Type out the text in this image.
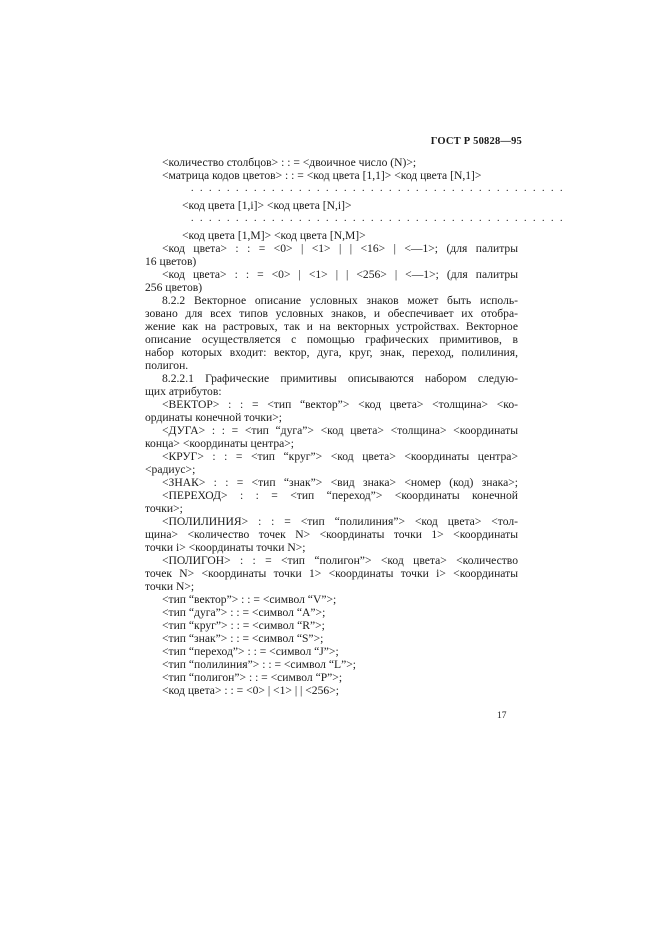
ГОСТ Р 50828—95
<количество столбцов> : : = <двоичное число (N)>;
<матрица кодов цветов> : : = <код цвета [1,1]> <код цвета [N,1]>
. . . . . . . . . . . . . . . . . . . . . . . . . . . . . . . . . . . . . . . . . .
<код цвета [1,i]> <код цвета [N,i]>
. . . . . . . . . . . . . . . . . . . . . . . . . . . . . . . . . . . . . . . . . .
<код цвета [1,M]> <код цвета [N,M]>
<код цвета> : : = <0> | <1> | | <16> | <—1>; (для палитры
16 цветов)
<код цвета> : : = <0> | <1> | | <256> | <—1>; (для палитры
256 цветов)
8.2.2 Векторное описание условных знаков может быть исполь-
зовано для всех типов условных знаков, и обеспечивает их отобра-
жение как на растровых, так и на векторных устройствах. Векторное
описание осуществляется с помощью графических примитивов, в
набор которых входит: вектор, дуга, круг, знак, переход, полилиния,
полигон.
8.2.2.1 Графические примитивы описываются набором следую-
щих атрибутов:
<ВЕКТОР> : : = <тип “вектор”> <код цвета> <толщина> <ко-
ординаты конечной точки>;
<ДУГА> : : = <тип “дуга”> <код цвета> <толщина> <координаты
конца> <координаты центра>;
<КРУГ> : : = <тип “круг”> <код цвета> <координаты центра>
<радиус>;
<ЗНАК> : : = <тип “знак”> <вид знака> <номер (код) знака>;
<ПЕРЕХОД> : : = <тип “переход”> <координаты конечной
точки>;
<ПОЛИЛИНИЯ> : : = <тип “полилиния”> <код цвета> <тол-
щина> <количество точек N> <координаты точки 1> <координаты
точки i> <координаты точки N>;
<ПОЛИГОН> : : = <тип “полигон”> <код цвета> <количество
точек N> <координаты точки 1> <координаты точки i> <координаты
точки N>;
<тип “вектор”> : : = <символ “V”>;
<тип “дуга”> : : = <символ “A”>;
<тип “круг”> : : = <символ “R”>;
<тип “знак”> : : = <символ “S”>;
<тип “переход”> : : = <символ “J”>;
<тип “полилиния”> : : = <символ “L”>;
<тип “полигон”> : : = <символ “P”>;
<код цвета> : : = <0> | <1> | | <256>;
17
